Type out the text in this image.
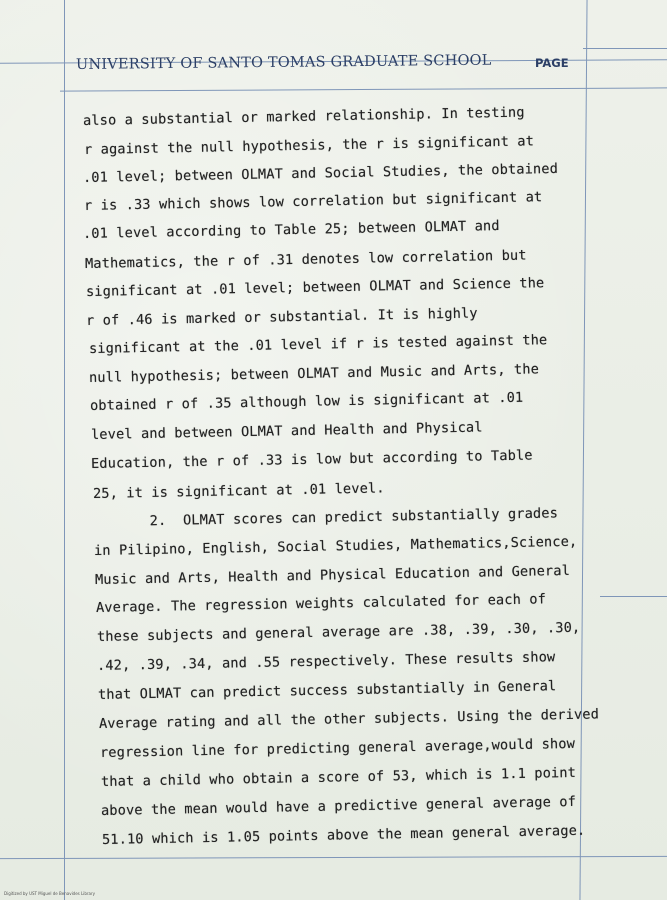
UNIVERSITY OF SANTO TOMAS GRADUATE SCHOOL	PAGE
also a substantial or marked relationship. In testing
r against the null hypothesis, the r is significant at
.01 level; between OLMAT and Social Studies, the obtained
r is .33 which shows low correlation but significant at
.01 level according to Table 25; between OLMAT and
Mathematics, the r of .31 denotes low correlation but
significant at .01 level; between OLMAT and Science the
r of .46 is marked or substantial. It is highly
significant at the .01 level if r is tested against the
null hypothesis; between OLMAT and Music and Arts, the
obtained r of .35 although low is significant at .01
level and between OLMAT and Health and Physical
Education, the r of .33 is low but according to Table
25, it is significant at .01 level.
2.  OLMAT scores can predict substantially grades
in Pilipino, English, Social Studies, Mathematics,Science,
Music and Arts, Health and Physical Education and General
Average. The regression weights calculated for each of
these subjects and general average are .38, .39, .30, .30,
.42, .39, .34, and .55 respectively. These results show
that OLMAT can predict success substantially in General
Average rating and all the other subjects. Using the derived
regression line for predicting general average,would show
that a child who obtain a score of 53, which is 1.1 point
above the mean would have a predictive general average of
51.10 which is 1.05 points above the mean general average.
Digitized by UST Miguel de Benavides Library
